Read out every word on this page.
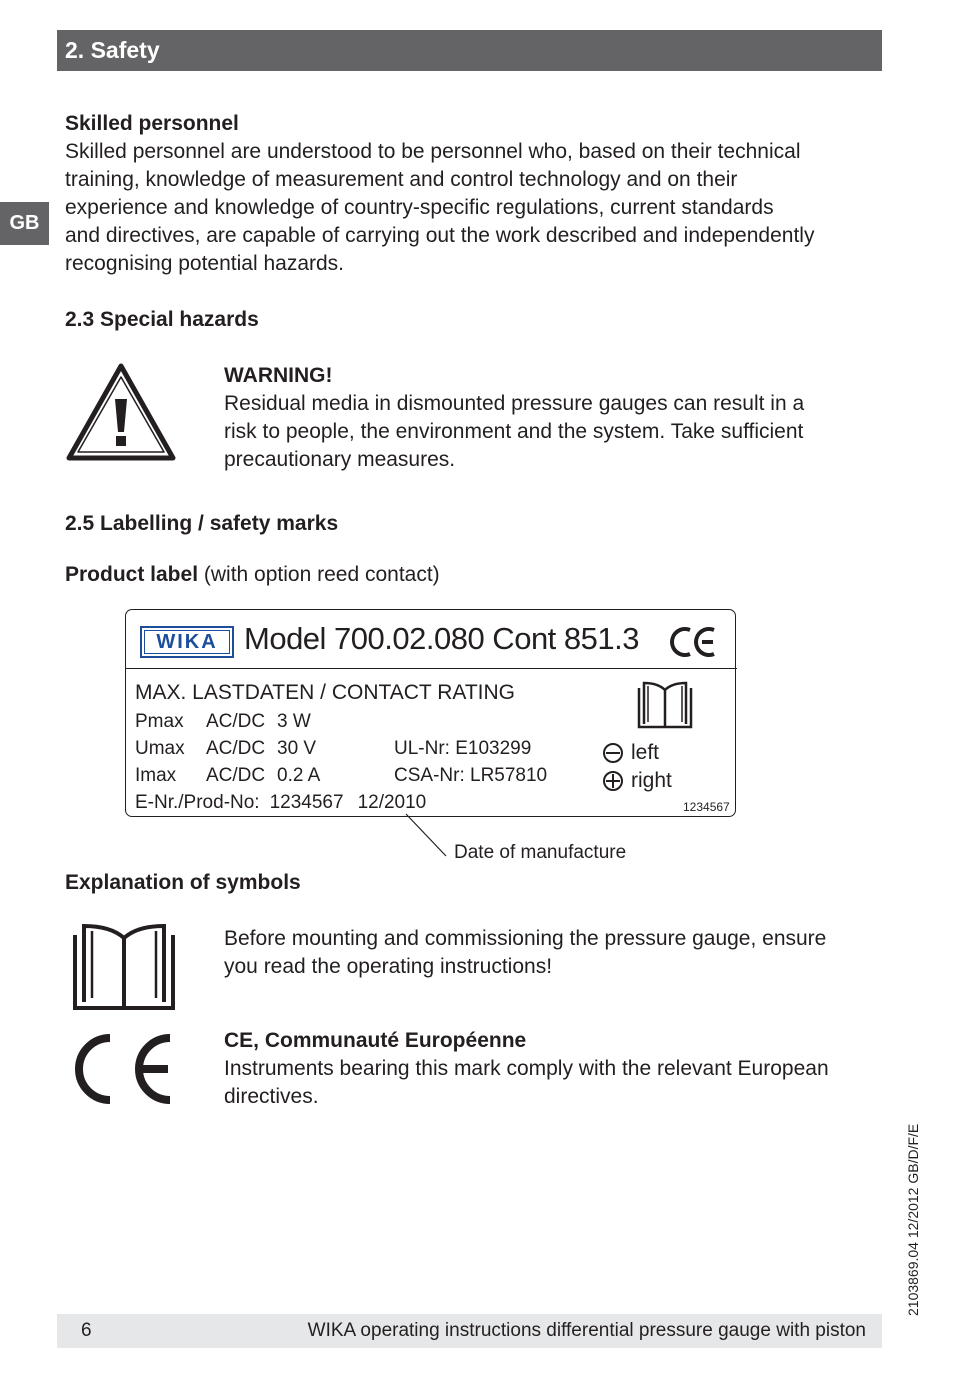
2. Safety
GB
Skilled personnel
Skilled personnel are understood to be personnel who, based on their technical
training, knowledge of measurement and control technology and on their
experience and knowledge of country-specific regulations, current standards
and directives, are capable of carrying out the work described and independently
recognising potential hazards.
2.3 Special hazards
WARNING!
Residual media in dismounted pressure gauges can result in a
risk to people, the environment and the system. Take sufficient
precautionary measures.
2.5 Labelling / safety marks
Product label (with option reed contact)
WIKA Model 700.02.080 Cont 851.3
MAX. LASTDATEN / CONTACT RATING
Pmax AC/DC 3 W
Umax AC/DC 30 V
Imax AC/DC 0.2 A
UL-Nr: E103299
CSA-Nr: LR57810
E-Nr./Prod-No: 1234567 12/2010
left
right
1234567
Date of manufacture
Explanation of symbols
Before mounting and commissioning the pressure gauge, ensure
you read the operating instructions!
CE, Communauté Européenne
Instruments bearing this mark comply with the relevant European
directives.
2103869.04 12/2012 GB/D/F/E
6	WIKA operating instructions differential pressure gauge with piston
